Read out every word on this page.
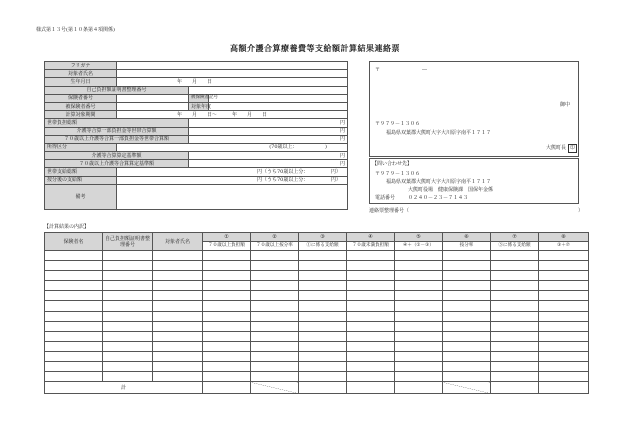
様式第１３号(第１０条第４項関係)
高額介護合算療養費等支給額計算結果連絡票
フリガナ			
対象者氏名			
生年月日	年　　月　　日		
自己負担額証明書整理番号			
保険者番号		被保険者記号	
被保険者番号		対象年度	
計算対象期間	年　　月　　日～　　　年　　月　　日		
世帯負担総額		円	
介護等合算一部負担金等世帯合算額		円	
７０歳以上介護等合算一部負担金等世帯合算額		円	
所得区分	(70歳以上：　　　　　　)		
介護等合算算定基準額		円	
７０歳以上介護等合算算定基準額		円	
世帯支給総額	円（うち70歳以上分：　　　　　円）		
按分後の支給額	円（うち70歳以上分：　　　　　円）		
備考			
〒	―
御中
〒９７９－１３０６
福島県双葉郡大熊町大字大川原字南平１７１７
大熊町長 印
【問い合わせ先】
〒９７９－１３０６
福島県双葉郡大熊町大字大川原字南平１７１７
大熊町役場　健康保険課　国保年金係
電話番号	０２４０－２３－７１４３
連絡票整理番号（	）
【計算結果の内訳】
保険者名	自己負担額証明書整理番号	対象者氏名	①	②	③	④	⑤	⑥	⑦	⑧
			７０歳以上負担額	７０歳以上按分率	①に係る支給額	７０歳未満負担額	④＋（①－③）	按分率	⑤に係る支給額	③＋⑦

計										
